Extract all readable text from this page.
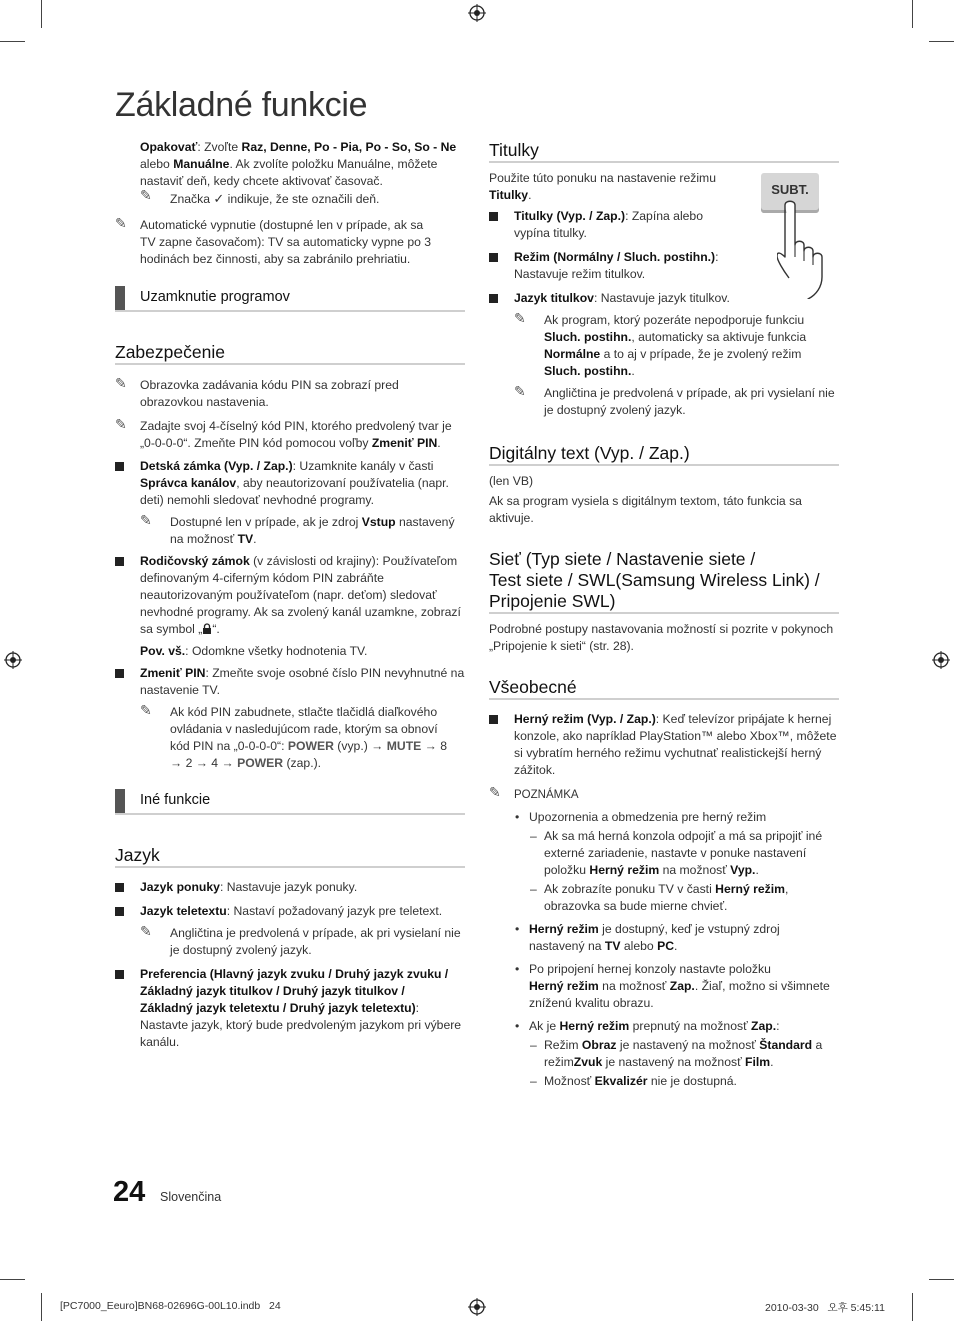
Základné funkcie

Opakovať: Zvoľte Raz, Denne, Po - Pia, Po - So, So - Ne

alebo Manuálne. Ak zvolíte položku Manuálne, môžete

nastaviť deň, kedy chcete aktivovať časovač.

✎ Značka ✓ indikuje, že ste označili deň.

✎ Automatické vypnutie (dostupné len v prípade, ak sa

TV zapne časovačom): TV sa automaticky vypne po 3

hodinách bez činnosti, aby sa zabránilo prehriatiu.

Uzamknutie programov
Zabezpečenie
✎ Obrazovka zadávania kódu PIN sa zobrazí pred

obrazovkou nastavenia.

✎ Zadajte svoj 4-číselný kód PIN, ktorého predvolený tvar je

„0-0-0-0“. Zmeňte PIN kód pomocou voľby Zmeniť PIN.

Detská zámka (Vyp. / Zap.): Uzamknite kanály v časti

Správca kanálov, aby neautorizovaní používatelia (napr.

deti) nemohli sledovať nevhodné programy.

✎ Dostupné len v prípade, ak je zdroj Vstup nastavený

na možnosť TV.

Rodičovský zámok (v závislosti od krajiny): Používateľom

definovaným 4-ciferným kódom PIN zabráňte

neautorizovaným používateľom (napr. deťom) sledovať

nevhodné programy. Ak sa zvolený kanál uzamkne, zobrazí

sa symbol „ “.

Pov. vš.: Odomkne všetky hodnotenia TV.

Zmeniť PIN: Zmeňte svoje osobné číslo PIN nevyhnutné na

nastavenie TV.

✎ Ak kód PIN zabudnete, stlačte tlačidlá diaľkového

ovládania v nasledujúcom rade, ktorým sa obnoví

kód PIN na „0-0-0-0“: POWER (vyp.) → MUTE → 8

→ 2 → 4 → POWER (zap.).

Iné funkcie
Jazyk

Jazyk ponuky: Nastavuje jazyk ponuky.

Jazyk teletextu: Nastaví požadovaný jazyk pre teletext.

✎ Angličtina je predvolená v prípade, ak pri vysielaní nie

je dostupný zvolený jazyk.

Preferencia (Hlavný jazyk zvuku / Druhý jazyk zvuku /

Základný jazyk titulkov / Druhý jazyk titulkov /

Základný jazyk teletextu / Druhý jazyk teletextu):

Nastavte jazyk, ktorý bude predvoleným jazykom pri výbere

kanálu.

Titulky

Použite túto ponuku na nastavenie režimu

Titulky.	SUBT.

Titulky (Vyp. / Zap.): Zapína alebo

vypína titulky.

Režim (Normálny / Sluch. postihn.):

Nastavuje režim titulkov.

Jazyk titulkov: Nastavuje jazyk titulkov.

✎ Ak program, ktorý pozeráte nepodporuje funkciu

Sluch. postihn., automaticky sa aktivuje funkcia

Normálne a to aj v prípade, že je zvolený režim

Sluch. postihn..

✎ Angličtina je predvolená v prípade, ak pri vysielaní nie

je dostupný zvolený jazyk.

Digitálny text (Vyp. / Zap.)

(len VB)

Ak sa program vysiela s digitálnym textom, táto funkcia sa

aktivuje.

Sieť (Typ siete / Nastavenie siete /
Test siete / SWL(Samsung Wireless Link) /
Pripojenie SWL)

Podrobné postupy nastavovania možností si pozrite v pokynoch

„Pripojenie k sieti“ (str. 28).

Všeobecné

Herný režim (Vyp. / Zap.): Keď televízor pripájate k hernej

konzole, ako napríklad PlayStation™ alebo Xbox™, môžete

si vybratím herného režimu vychutnať realistickejší herný

zážitok.

✎ POZNÁMKA

• Upozornenia a obmedzenia pre herný režim

– Ak sa má herná konzola odpojiť a má sa pripojiť iné

externé zariadenie, nastavte v ponuke nastavení

položku Herný režim na možnosť Vyp..

– Ak zobrazíte ponuku TV v časti Herný režim,

obrazovka sa bude mierne chvieť.

• Herný režim je dostupný, keď je vstupný zdroj

nastavený na TV alebo PC.

• Po pripojení hernej konzoly nastavte položku

Herný režim na možnosť Zap.. Žiaľ, možno si všimnete

zníženú kvalitu obrazu.

• Ak je Herný režim prepnutý na možnosť Zap.:

– Režim Obraz je nastavený na možnosť Štandard a

režimZvuk je nastavený na možnosť Film.

– Možnosť Ekvalizér nie je dostupná.

24 Slovenčina
[PC7000_Eeuro]BN68-02696G-00L10.indb   24	2010-03-30   오후 5:45:11
